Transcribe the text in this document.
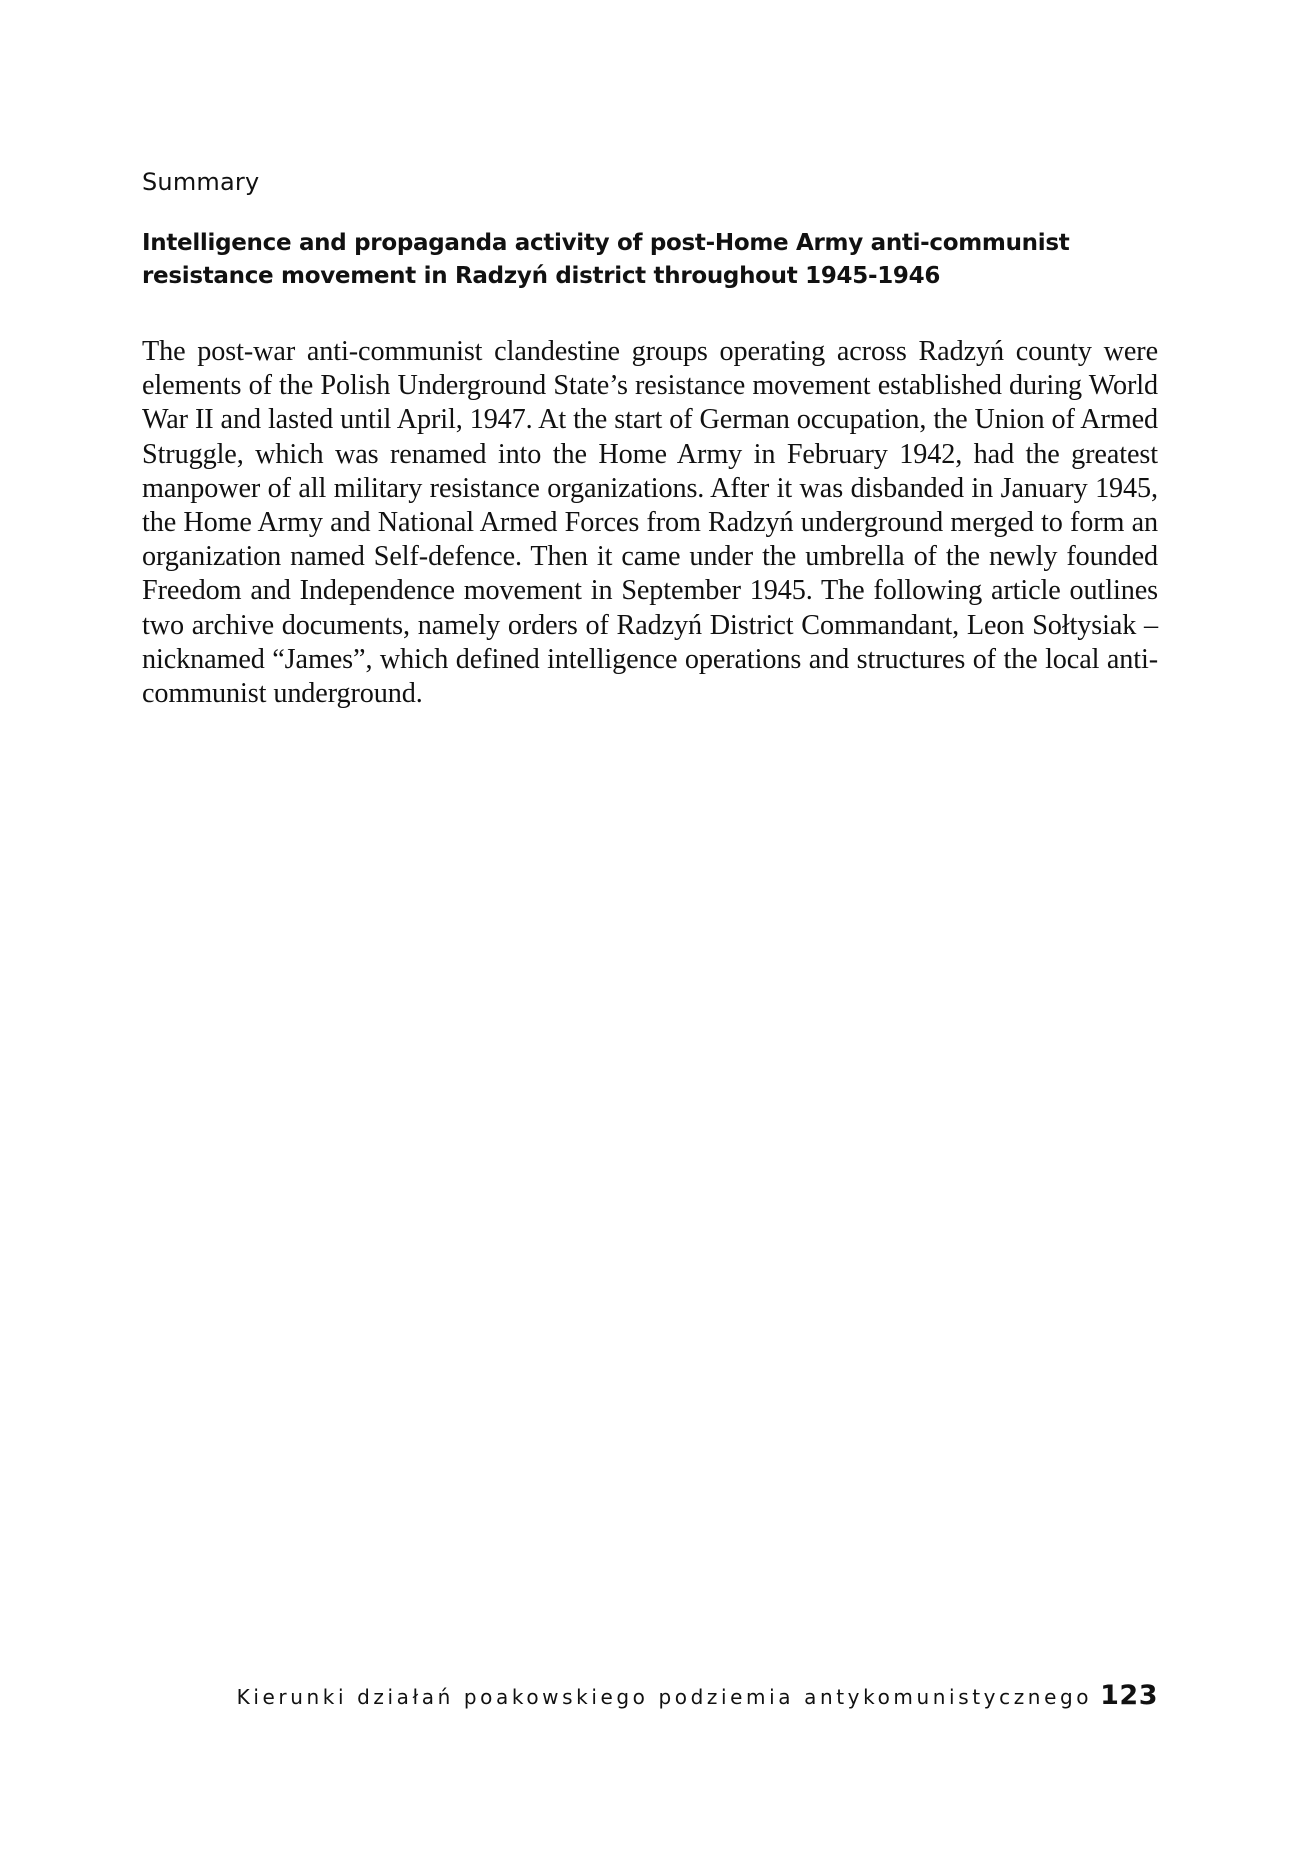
Summary

Intelligence and propaganda activity of post-Home Army anti-communist resistance movement in Radzyń district throughout 1945-1946

The post-war anti-communist clandestine groups operating across Radzyń county were elements of the Polish Underground State’s resistance movement established during World War II and lasted until April, 1947. At the start of German occupation, the Union of Armed Struggle, which was renamed into the Home Army in February 1942, had the greatest manpower of all military resistance organizations. After it was disbanded in January 1945, the Home Army and National Armed Forces from Radzyń underground merged to form an organization named Self-defence. Then it came under the umbrella of the newly founded Freedom and Independence movement in September 1945. The following article outlines two archive documents, namely orders of Radzyń District Commandant, Leon Sołtysiak – nicknamed “James”, which defined intelligence operations and structures of the local anti-communist underground.

Kierunki działań poakowskiego podziemia antykomunistycznego 123
